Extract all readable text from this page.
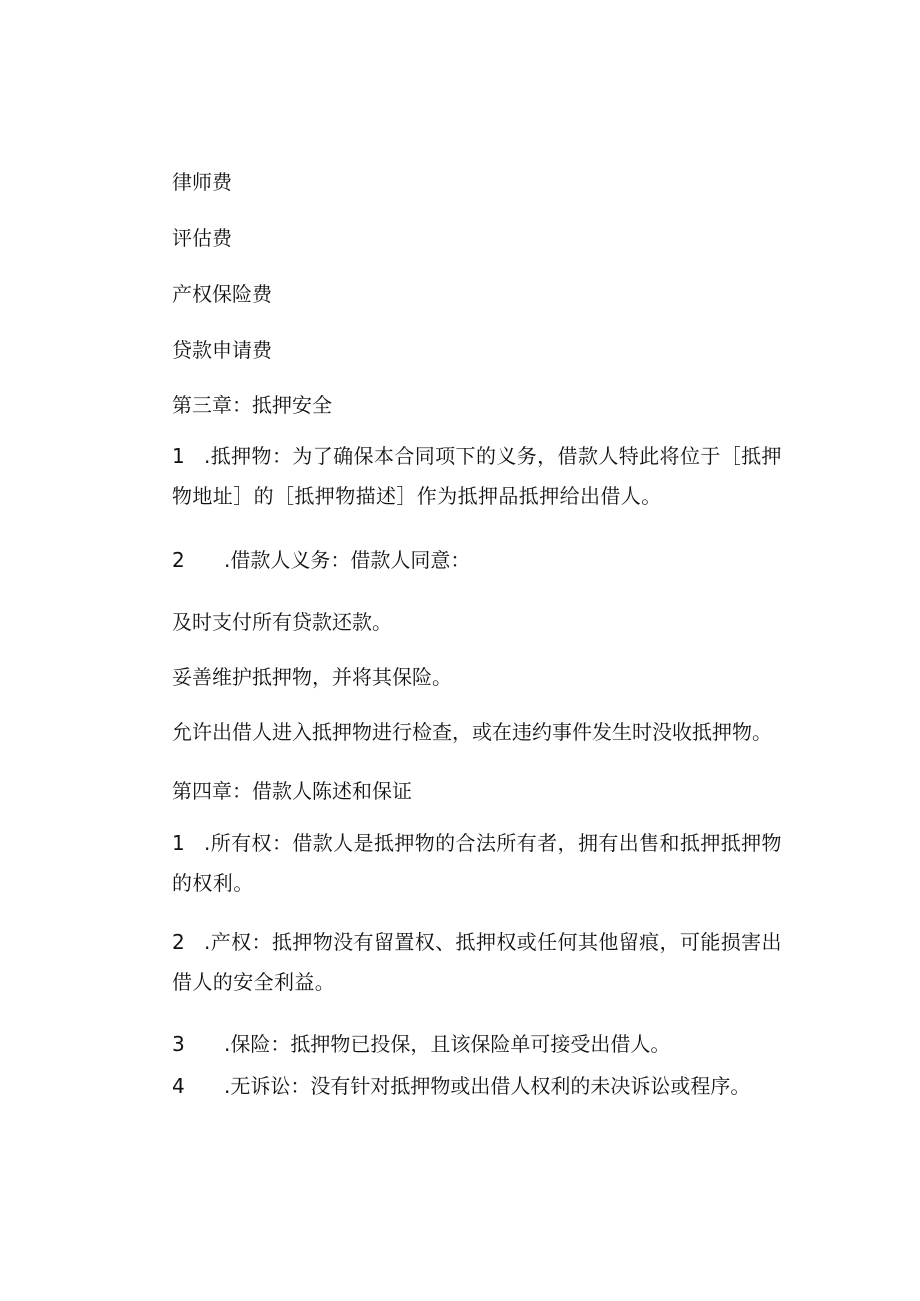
律师费
评估费
产权保险费
贷款申请费
第三章：抵押安全
1 .抵押物：为了确保本合同项下的义务，借款人特此将位于［抵押物地址］的［抵押物描述］作为抵押品抵押给出借人。
2 .借款人义务：借款人同意：
及时支付所有贷款还款。
妥善维护抵押物，并将其保险。
允许出借人进入抵押物进行检查，或在违约事件发生时没收抵押物。
第四章：借款人陈述和保证
1 .所有权：借款人是抵押物的合法所有者，拥有出售和抵押抵押物的权利。
2 .产权：抵押物没有留置权、抵押权或任何其他留痕，可能损害出借人的安全利益。
3 .保险：抵押物已投保，且该保险单可接受出借人。
4 .无诉讼：没有针对抵押物或出借人权利的未决诉讼或程序。
